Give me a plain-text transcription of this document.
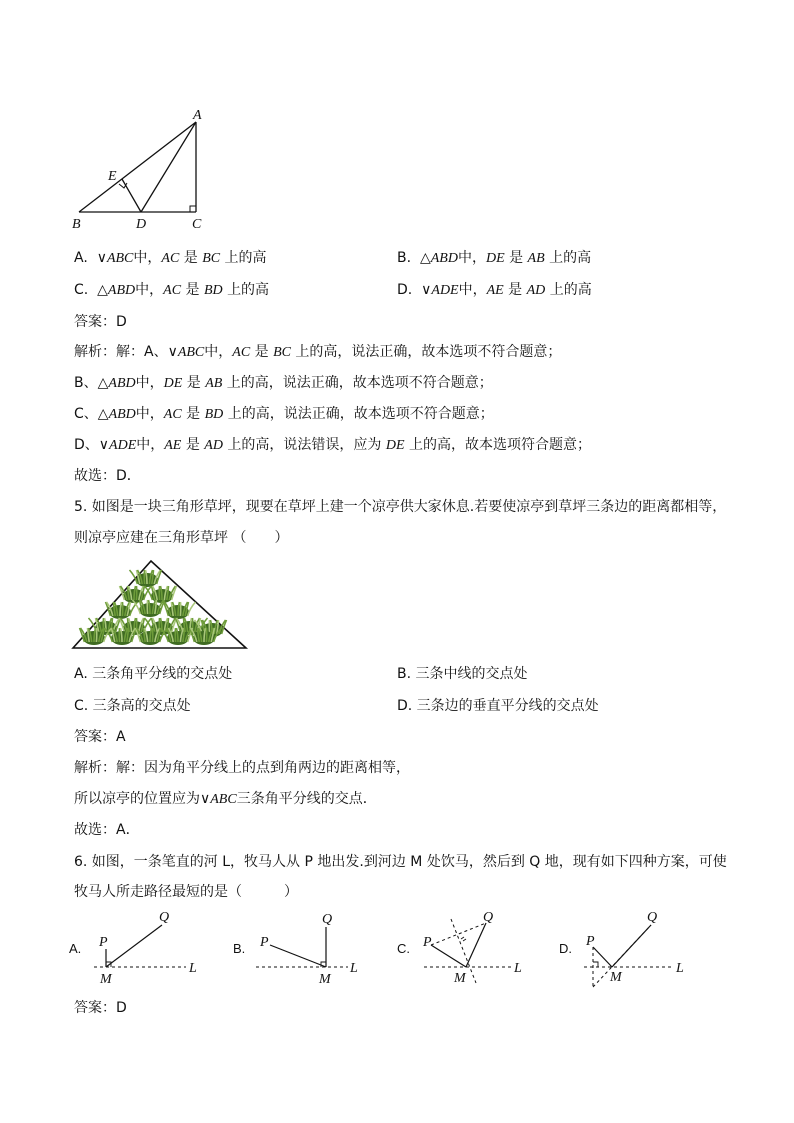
A
B	C
D
E
A. ∨ABC中，AC 是 BC 上的高	B. △ABD中，DE 是 AB 上的高
C. △ABD中，AC 是 BD 上的高	D. ∨ADE中，AE 是 AD 上的高
答案：D
解析：解：A、∨ABC中，AC 是 BC 上的高，说法正确，故本选项不符合题意；
B、△ABD中，DE 是 AB 上的高，说法正确，故本选项不符合题意；
C、△ABD中，AC 是 BD 上的高，说法正确，故本选项不符合题意；
D、∨ADE中，AE 是 AD 上的高，说法错误，应为 DE 上的高，故本选项符合题意；
故选：D．
5. 如图是一块三角形草坪，现要在草坪上建一个凉亭供大家休息.若要使凉亭到草坪三条边的距离都相等，
则凉亭应建在三角形草坪 （　　）
A. 三条角平分线的交点处	B. 三条中线的交点处
C. 三条高的交点处	D. 三条边的垂直平分线的交点处
答案：A
解析：解：因为角平分线上的点到角两边的距离相等，
所以凉亭的位置应为∨ABC三条角平分线的交点．
故选：A．
6. 如图，一条笔直的河 L，牧马人从 P 地出发.到河边 M 处饮马，然后到 Q 地，现有如下四种方案，可使
牧马人所走路径最短的是（　　　）
A. P
Q
M
L
B. P
Q
M
L
C. P
Q
M
L
D. P
Q
M
L
答案：D
